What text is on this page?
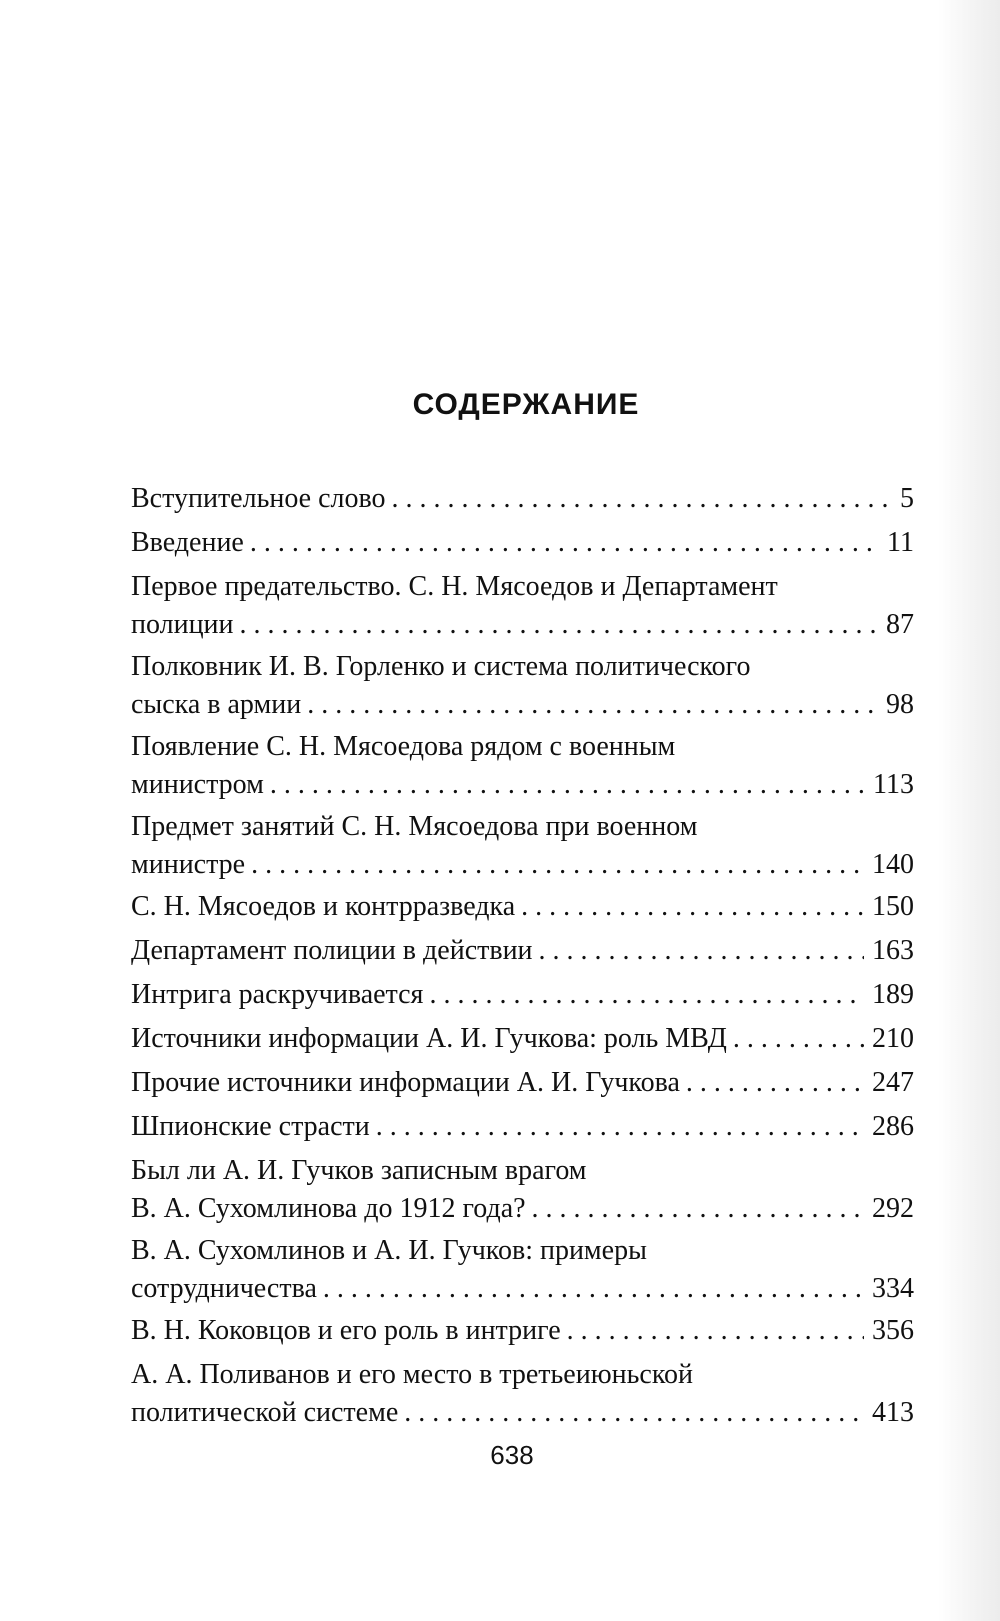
СОДЕРЖАНИЕ
Вступительное слово . . .	5
Введение . . .	11
Первое предательство. С. Н. Мясоедов и Департамент
полиции . . .	87
Полковник И. В. Горленко и система политического
сыска в армии . . .	98
Появление С. Н. Мясоедова рядом с военным
министром . . .	113
Предмет занятий С. Н. Мясоедова при военном
министре . . .	140
С. Н. Мясоедов и контрразведка . . .	150
Департамент полиции в действии . . .	163
Интрига раскручивается . . .	189
Источники информации А. И. Гучкова: роль МВД . . .	210
Прочие источники информации А. И. Гучкова . . .	247
Шпионские страсти . . .	286
Был ли А. И. Гучков записным врагом
В. А. Сухомлинова до 1912 года? . . .	292
В. А. Сухомлинов и А. И. Гучков: примеры
сотрудничества . . .	334
В. Н. Коковцов и его роль в интриге . . .	356
А. А. Поливанов и его место в третьеиюньской
политической системе . . .	413
638
